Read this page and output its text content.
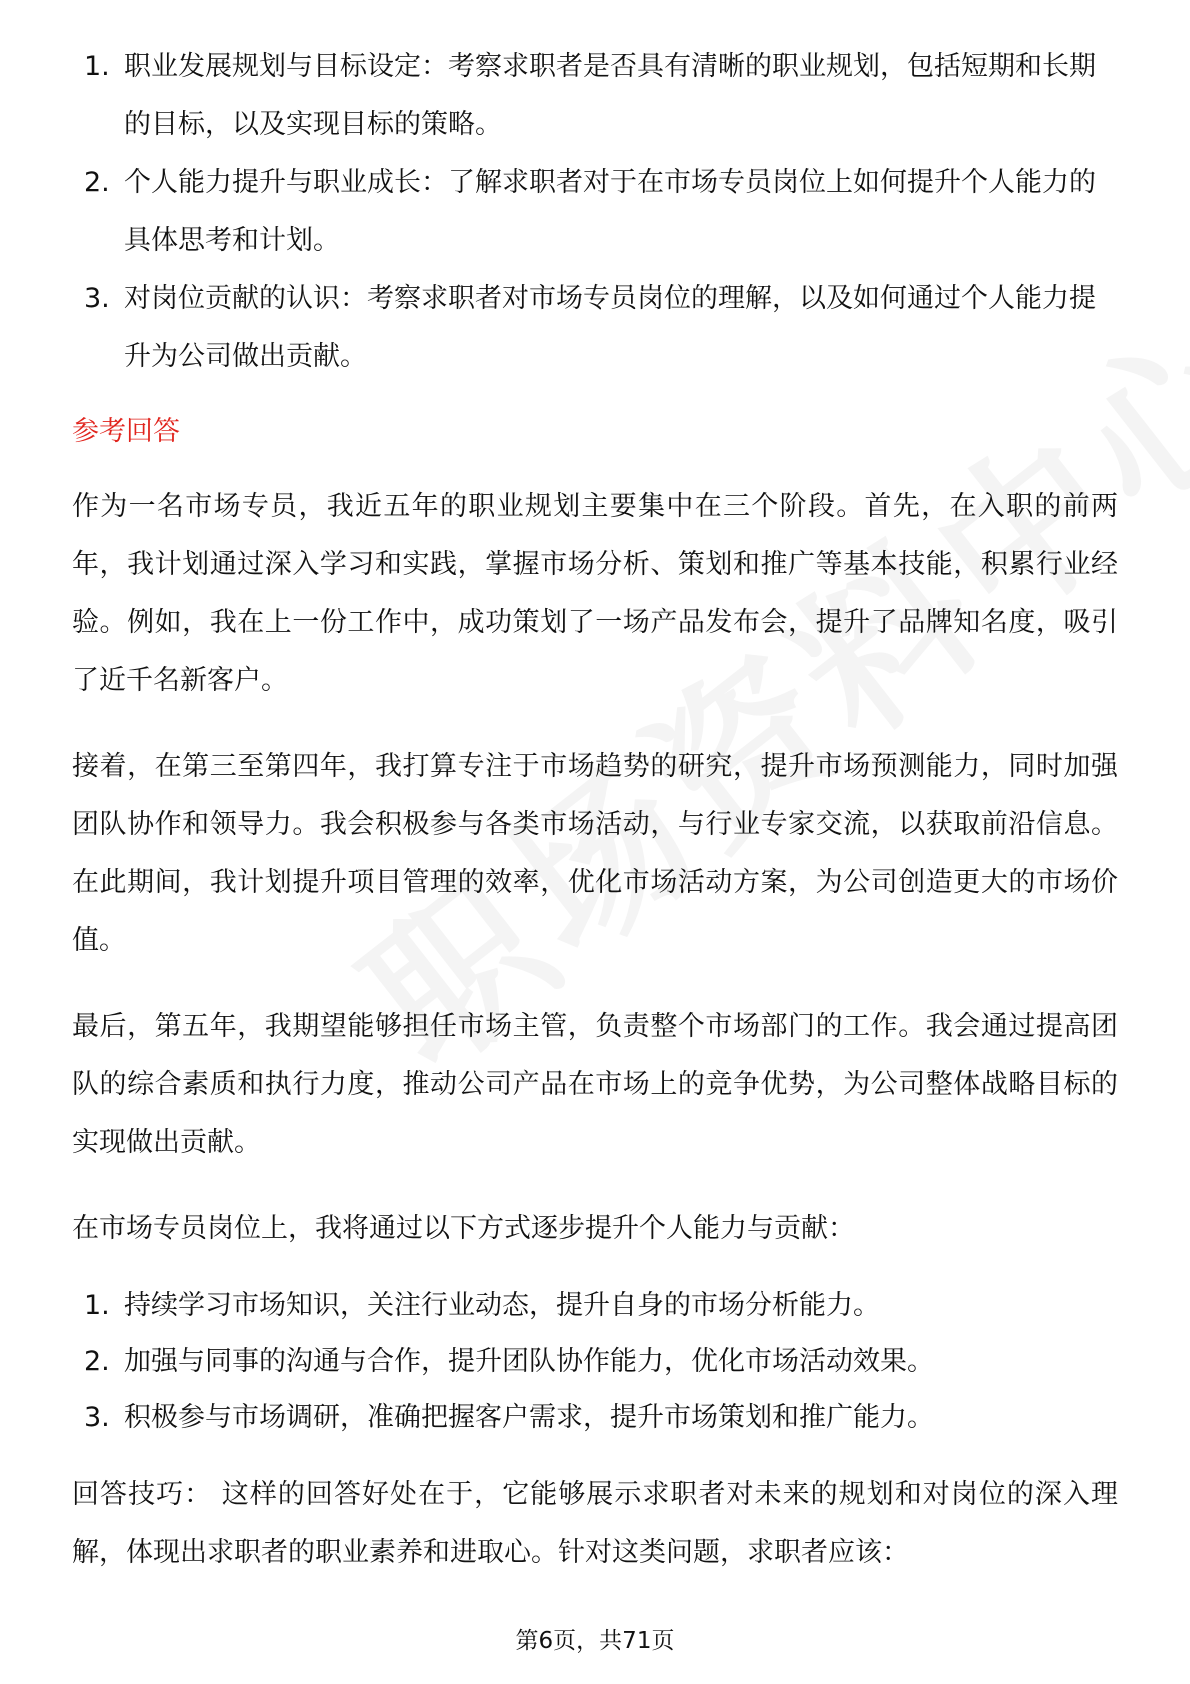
1. 职业发展规划与目标设定：考察求职者是否具有清晰的职业规划，包括短期和长期的目标，以及实现目标的策略。
2. 个人能力提升与职业成长：了解求职者对于在市场专员岗位上如何提升个人能力的具体思考和计划。
3. 对岗位贡献的认识：考察求职者对市场专员岗位的理解，以及如何通过个人能力提升为公司做出贡献。
参考回答

作为一名市场专员，我近五年的职业规划主要集中在三个阶段。首先，在入职的前两年，我计划通过深入学习和实践，掌握市场分析、策划和推广等基本技能，积累行业经验。例如，我在上一份工作中，成功策划了一场产品发布会，提升了品牌知名度，吸引了近千名新客户。

接着，在第三至第四年，我打算专注于市场趋势的研究，提升市场预测能力，同时加强团队协作和领导力。我会积极参与各类市场活动，与行业专家交流，以获取前沿信息。在此期间，我计划提升项目管理的效率，优化市场活动方案，为公司创造更大的市场价值。

最后，第五年，我期望能够担任市场主管，负责整个市场部门的工作。我会通过提高团队的综合素质和执行力度，推动公司产品在市场上的竞争优势，为公司整体战略目标的实现做出贡献。

在市场专员岗位上，我将通过以下方式逐步提升个人能力与贡献：

1. 持续学习市场知识，关注行业动态，提升自身的市场分析能力。
2. 加强与同事的沟通与合作，提升团队协作能力，优化市场活动效果。
3. 积极参与市场调研，准确把握客户需求，提升市场策划和推广能力。

回答技巧： 这样的回答好处在于，它能够展示求职者对未来的规划和对岗位的深入理解，体现出求职者的职业素养和进取心。针对这类问题，求职者应该：

第6页，共71页
